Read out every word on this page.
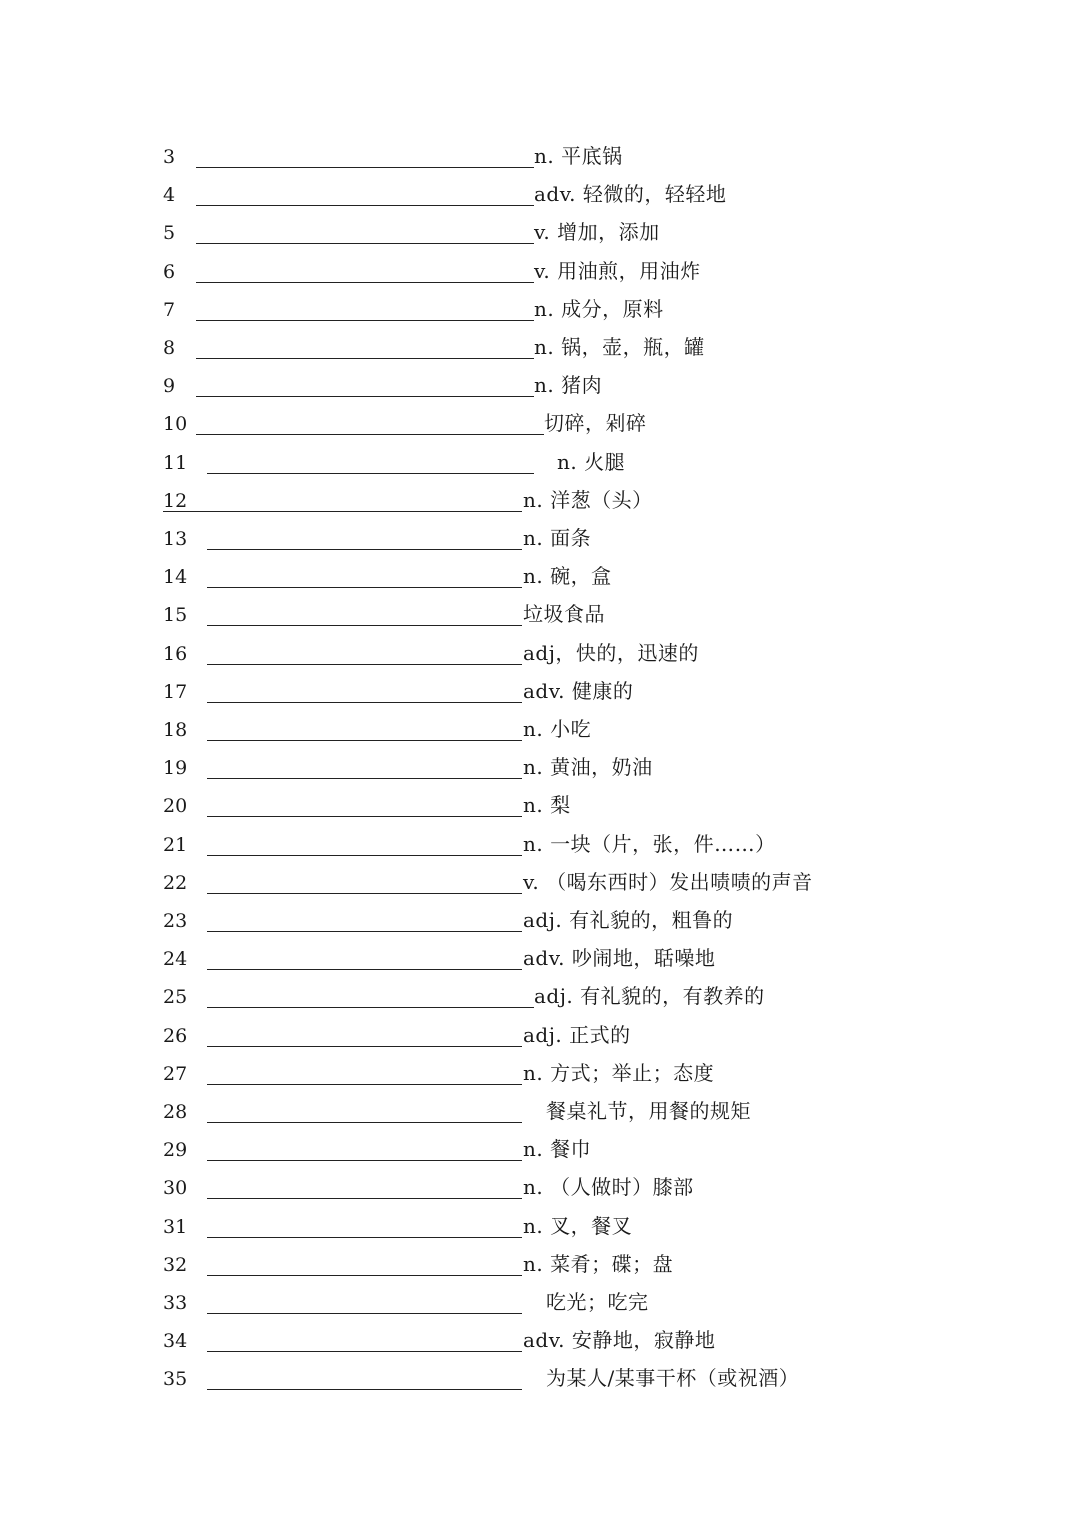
3	n. 平底锅
4	adv. 轻微的，轻轻地
5	v. 增加，添加
6	v. 用油煎，用油炸
7	n. 成分，原料
8	n. 锅，壶，瓶，罐
9	n. 猪肉
10	切碎，剁碎
11	n. 火腿
12	n. 洋葱（头）
13	n. 面条
14	n. 碗，盒
15	垃圾食品
16	adj，快的，迅速的
17	adv. 健康的
18	n. 小吃
19	n. 黄油，奶油
20	n. 梨
21	n. 一块（片，张，件……）
22	v. （喝东西时）发出啧啧的声音
23	adj. 有礼貌的，粗鲁的
24	adv. 吵闹地，聒噪地
25	adj. 有礼貌的，有教养的
26	adj. 正式的
27	n. 方式；举止；态度
28	餐桌礼节，用餐的规矩
29	n. 餐巾
30	n. （人做时）膝部
31	n. 叉，餐叉
32	n. 菜肴；碟；盘
33	吃光；吃完
34	adv. 安静地，寂静地
35	为某人/某事干杯（或祝酒）
